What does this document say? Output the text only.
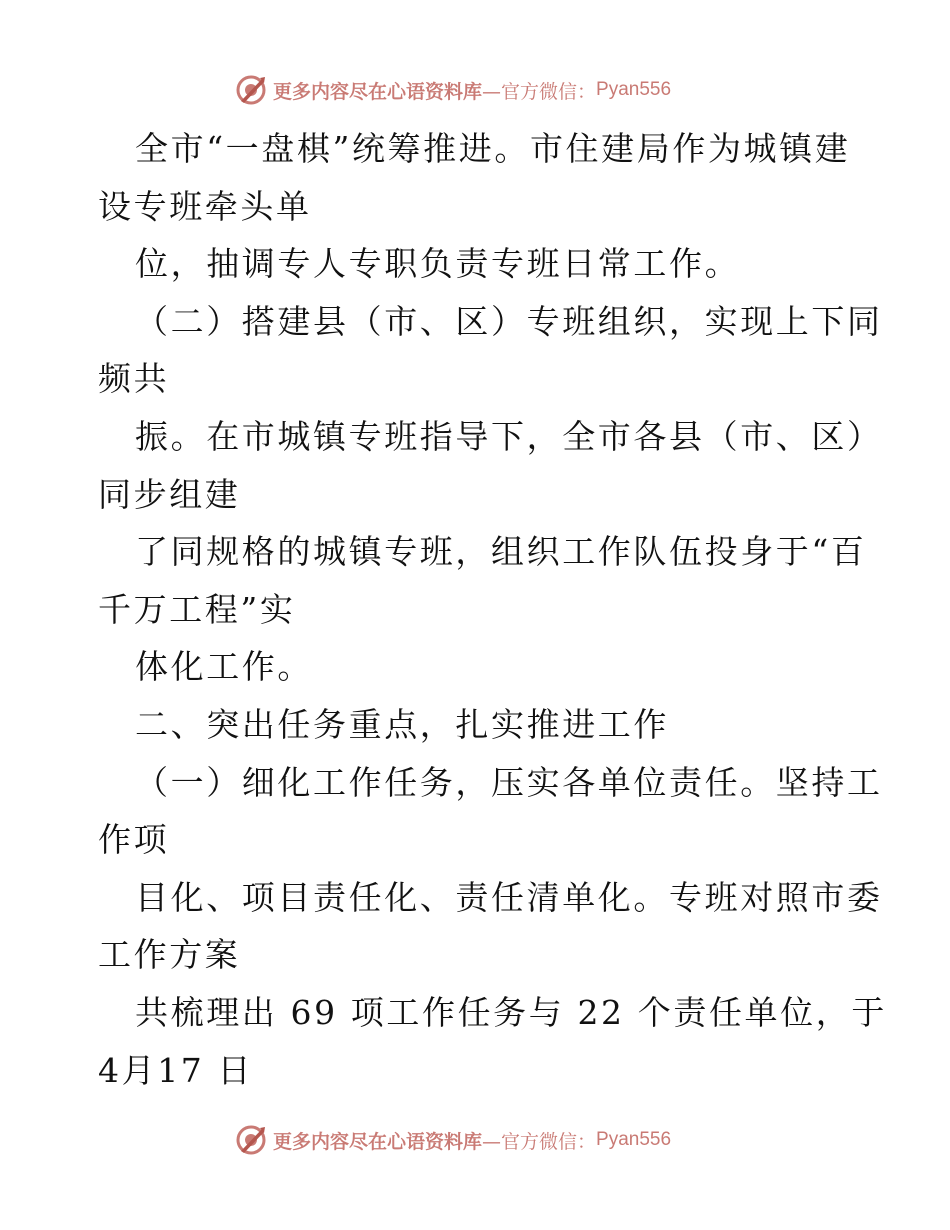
更多内容尽在心语资料库 —官方微信： Pyan556
全市“一盘棋”统筹推进。市住建局作为城镇建
设专班牵头单
位，抽调专人专职负责专班日常工作。
（二）搭建县（市、区）专班组织，实现上下同
频共
振。在市城镇专班指导下，全市各县（市、区）
同步组建
了同规格的城镇专班，组织工作队伍投身于“百
千万工程”实
体化工作。
二、突出任务重点，扎实推进工作
（一）细化工作任务，压实各单位责任。坚持工
作项
目化、项目责任化、责任清单化。专班对照市委
工作方案
共梳理出 69 项工作任务与 22 个责任单位，于
4月17 日
更多内容尽在心语资料库 —官方微信： Pyan556
